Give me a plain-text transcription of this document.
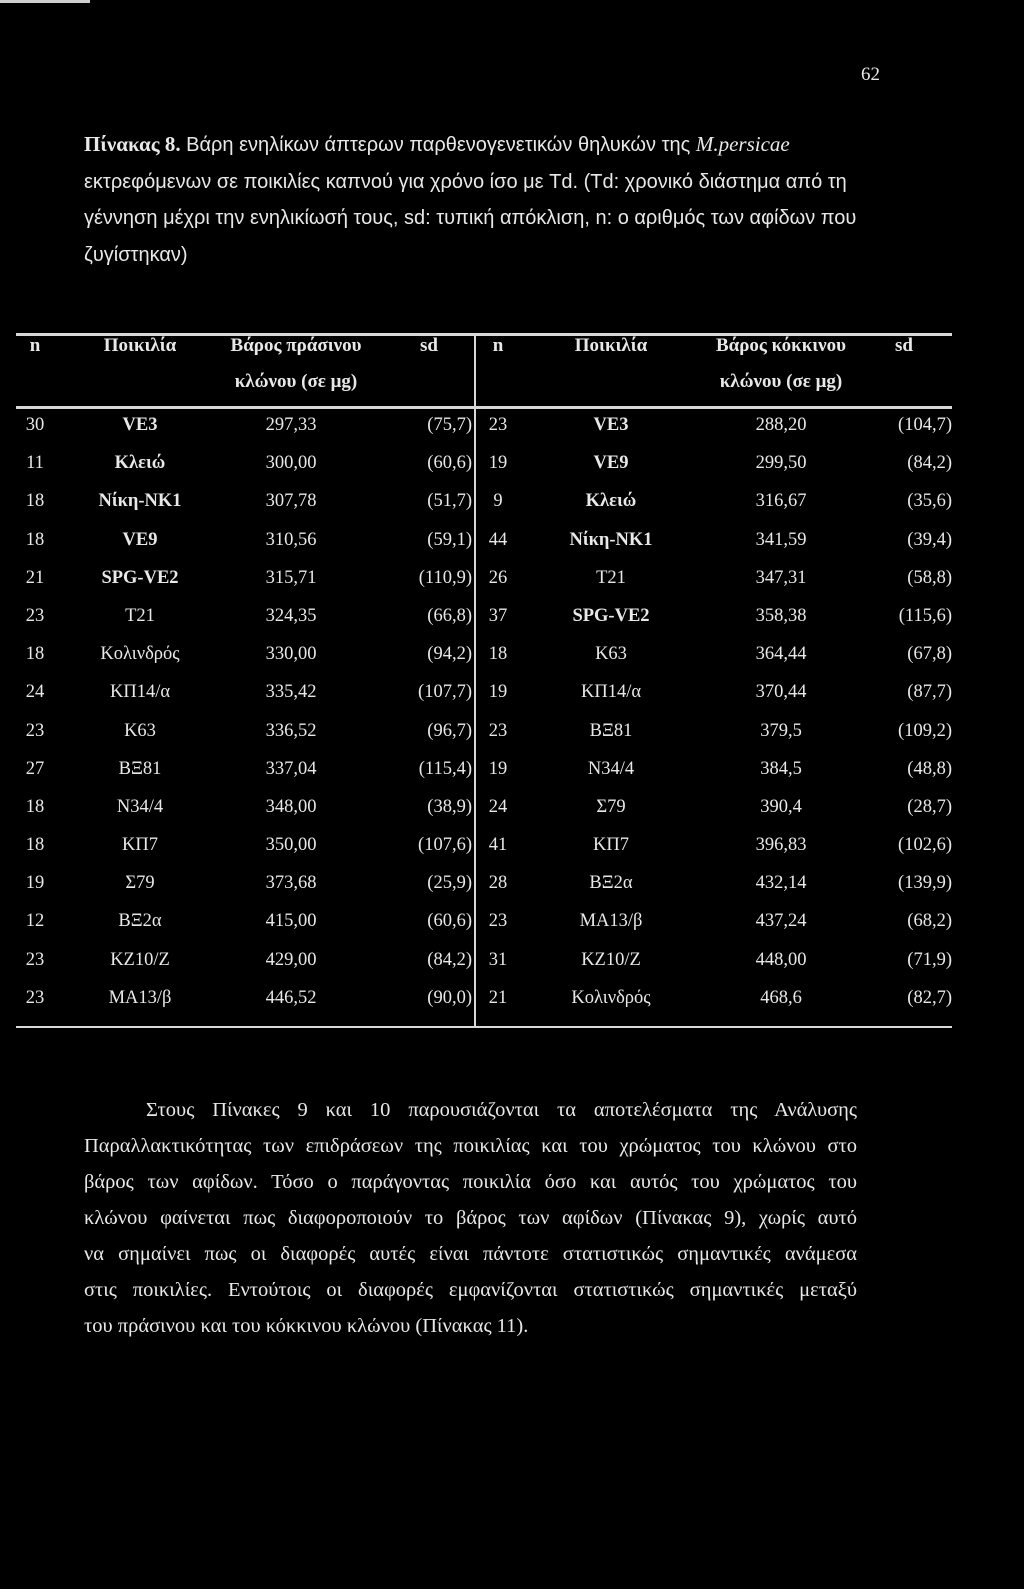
62
Πίνακας 8. Βάρη ενηλίκων άπτερων παρθενογενετικών θηλυκών της M.persicae εκτρεφόμενων σε ποικιλίες καπνού για χρόνο ίσο με Td. (Td: χρονικό διάστημα από τη γέννηση μέχρι την ενηλικίωσή τους, sd: τυπική απόκλιση, n: ο αριθμός των αφίδων που ζυγίστηκαν)
n	Ποικιλία	Βάρος πράσινου
κλώνου (σε μg)
sd	n	Ποικιλία	Βάρος κόκκινου
κλώνου (σε μg)
sd
30	VE3	297,33	(75,7) 23	VE3	288,20	(104,7)
11	Κλειώ	300,00	(60,6) 19	VE9	299,50	(84,2)
18	Νίκη-ΝΚ1	307,78	(51,7)	9	Κλειώ	316,67	(35,6)
18	VE9	310,56	(59,1) 44	Νίκη-ΝΚ1	341,59	(39,4)
21	SPG-VE2	315,71	(110,9) 26	T21	347,31	(58,8)
23	T21	324,35	(66,8) 37	SPG-VE2	358,38	(115,6)
18	Κολινδρός	330,00	(94,2) 18	K63	364,44	(67,8)
24	ΚΠ14/α	335,42	(107,7) 19	ΚΠ14/α	370,44	(87,7)
23	K63	336,52	(96,7) 23	ΒΞ81	379,5	(109,2)
27	ΒΞ81	337,04	(115,4) 19	Ν34/4	384,5	(48,8)
18	Ν34/4	348,00	(38,9) 24	Σ79	390,4	(28,7)
18	ΚΠ7	350,00	(107,6) 41	ΚΠ7	396,83	(102,6)
19	Σ79	373,68	(25,9) 28	ΒΞ2α	432,14	(139,9)
12	ΒΞ2α	415,00	(60,6) 23	ΜΑ13/β	437,24	(68,2)
23	ΚΖ10/Ζ	429,00	(84,2) 31	ΚΖ10/Ζ	448,00	(71,9)
23	ΜΑ13/β	446,52	(90,0) 21	Κολινδρός	468,6	(82,7)
Στους Πίνακες 9 και 10 παρουσιάζονται τα αποτελέσματα της Ανάλυσης
Παραλλακτικότητας των επιδράσεων της ποικιλίας και του χρώματος του κλώνου στο
βάρος των αφίδων. Τόσο ο παράγοντας ποικιλία όσο και αυτός του χρώματος του
κλώνου φαίνεται πως διαφοροποιούν το βάρος των αφίδων (Πίνακας 9), χωρίς αυτό
να σημαίνει πως οι διαφορές αυτές είναι πάντοτε στατιστικώς σημαντικές ανάμεσα
στις ποικιλίες. Εντούτοις οι διαφορές εμφανίζονται στατιστικώς σημαντικές μεταξύ
του πράσινου και του κόκκινου κλώνου (Πίνακας 11).
